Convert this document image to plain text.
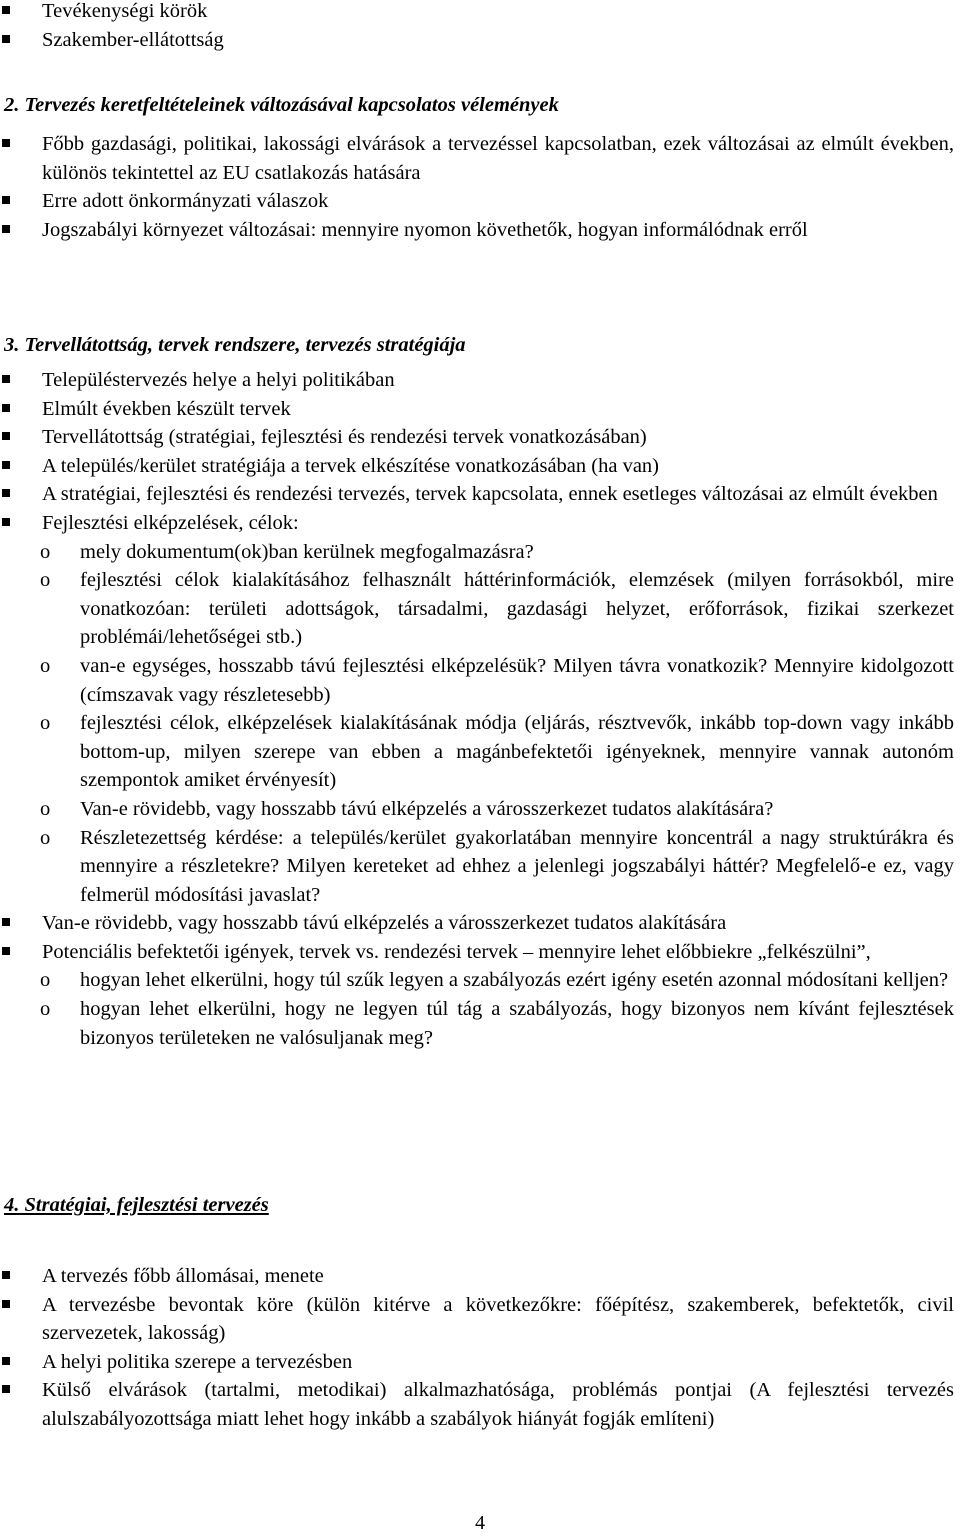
Tevékenységi körök
Szakember-ellátottság
2. Tervezés keretfeltételeinek változásával kapcsolatos vélemények
Főbb gazdasági, politikai, lakossági elvárások a tervezéssel kapcsolatban, ezek változásai az elmúlt években, különös tekintettel az EU csatlakozás hatására
Erre adott önkormányzati válaszok
Jogszabályi környezet változásai: mennyire nyomon követhetők, hogyan informálódnak erről
3. Tervellátottság, tervek rendszere, tervezés stratégiája
Településtervezés helye a helyi politikában
Elmúlt években készült tervek
Tervellátottság (stratégiai, fejlesztési és rendezési tervek vonatkozásában)
A település/kerület stratégiája a tervek elkészítése vonatkozásában (ha van)
A stratégiai, fejlesztési és rendezési tervezés, tervek kapcsolata, ennek esetleges változásai az elmúlt években
Fejlesztési elképzelések, célok:
o mely dokumentum(ok)ban kerülnek megfogalmazásra?
o fejlesztési célok kialakításához felhasznált háttérinformációk, elemzések (milyen forrásokból, mire vonatkozóan: területi adottságok, társadalmi, gazdasági helyzet, erőforrások, fizikai szerkezet problémái/lehetőségei stb.)
o van-e egységes, hosszabb távú fejlesztési elképzelésük? Milyen távra vonatkozik? Mennyire kidolgozott (címszavak vagy részletesebb)
o fejlesztési célok, elképzelések kialakításának módja (eljárás, résztvevők, inkább top-down vagy inkább bottom-up, milyen szerepe van ebben a magánbefektetői igényeknek, mennyire vannak autonóm szempontok amiket érvényesít)
o Van-e rövidebb, vagy hosszabb távú elképzelés a városszerkezet tudatos alakítására?
o Részletezettség kérdése: a település/kerület gyakorlatában mennyire koncentrál a nagy struktúrákra és mennyire a részletekre? Milyen kereteket ad ehhez a jelenlegi jogszabályi háttér? Megfelelő-e ez, vagy felmerül módosítási javaslat?
Van-e rövidebb, vagy hosszabb távú elképzelés a városszerkezet tudatos alakítására
Potenciális befektetői igények, tervek vs. rendezési tervek – mennyire lehet előbbiekre „felkészülni”,
o hogyan lehet elkerülni, hogy túl szűk legyen a szabályozás ezért igény esetén azonnal módosítani kelljen?
o hogyan lehet elkerülni, hogy ne legyen túl tág a szabályozás, hogy bizonyos nem kívánt fejlesztések bizonyos területeken ne valósuljanak meg?
4. Stratégiai, fejlesztési tervezés
A tervezés főbb állomásai, menete
A tervezésbe bevontak köre (külön kitérve a következőkre: főépítész, szakemberek, befektetők, civil szervezetek, lakosság)
A helyi politika szerepe a tervezésben
Külső elvárások (tartalmi, metodikai) alkalmazhatósága, problémás pontjai (A fejlesztési tervezés alulszabályozottsága miatt lehet hogy inkább a szabályok hiányát fogják említeni)
4
